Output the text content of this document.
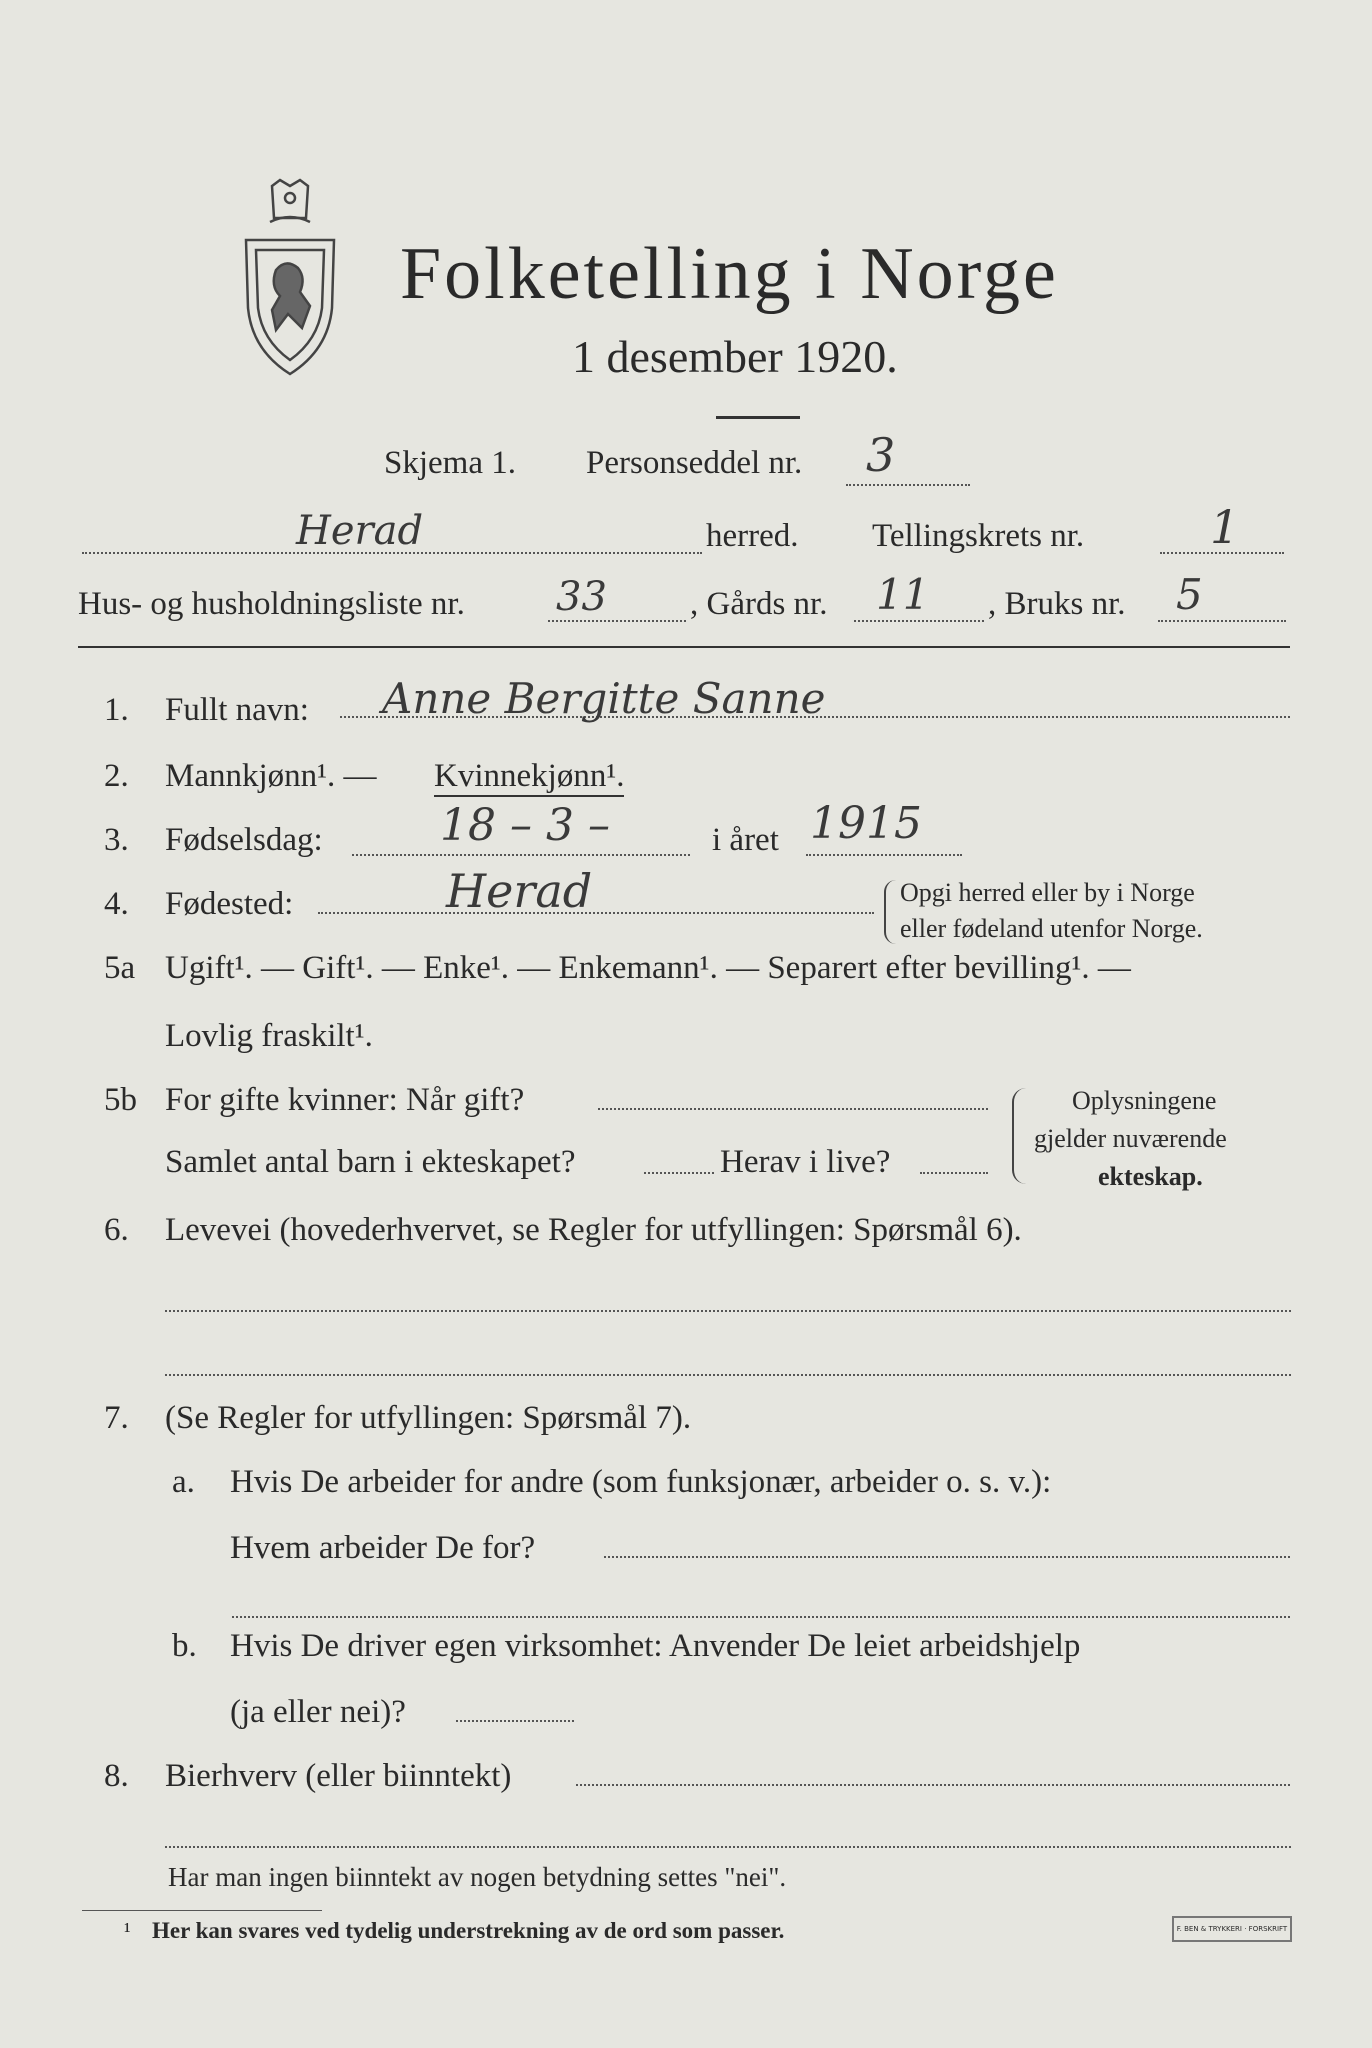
Folketelling i Norge
1 desember 1920.
Skjema 1. Personseddel nr. 3
Herad	herred. Tellingskrets nr.	1
Hus- og husholdningsliste nr. 33	, Gårds nr. 11 , Bruks nr. 5
1. Fullt navn: Anne Bergitte Sanne
2. Mannkjønn¹. — Kvinnekjønn¹.
3. Fødselsdag:	18 – 3 –	i året 1915
4. Fødested:	Herad	Opgi herred eller by i Norge
eller fødeland utenfor Norge.
5a Ugift¹. — Gift¹. — Enke¹. — Enkemann¹. — Separert efter bevilling¹. —
Lovlig fraskilt¹.
5b For gifte kvinner: Når gift?
Samlet antal barn i ekteskapet?	Herav i live?
Oplysningene
gjelder nuværende
ekteskap.
6. Levevei (hovederhvervet, se Regler for utfyllingen: Spørsmål 6).
7. (Se Regler for utfyllingen: Spørsmål 7).
a. Hvis De arbeider for andre (som funksjonær, arbeider o. s. v.):
Hvem arbeider De for?
b. Hvis De driver egen virksomhet: Anvender De leiet arbeidshjelp
(ja eller nei)?
8. Bierhverv (eller biinntekt)
Har man ingen biinntekt av nogen betydning settes "nei".
¹ Her kan svares ved tydelig understrekning av de ord som passer.	F. BEN & TRYKKERI · FORSKRIFT
